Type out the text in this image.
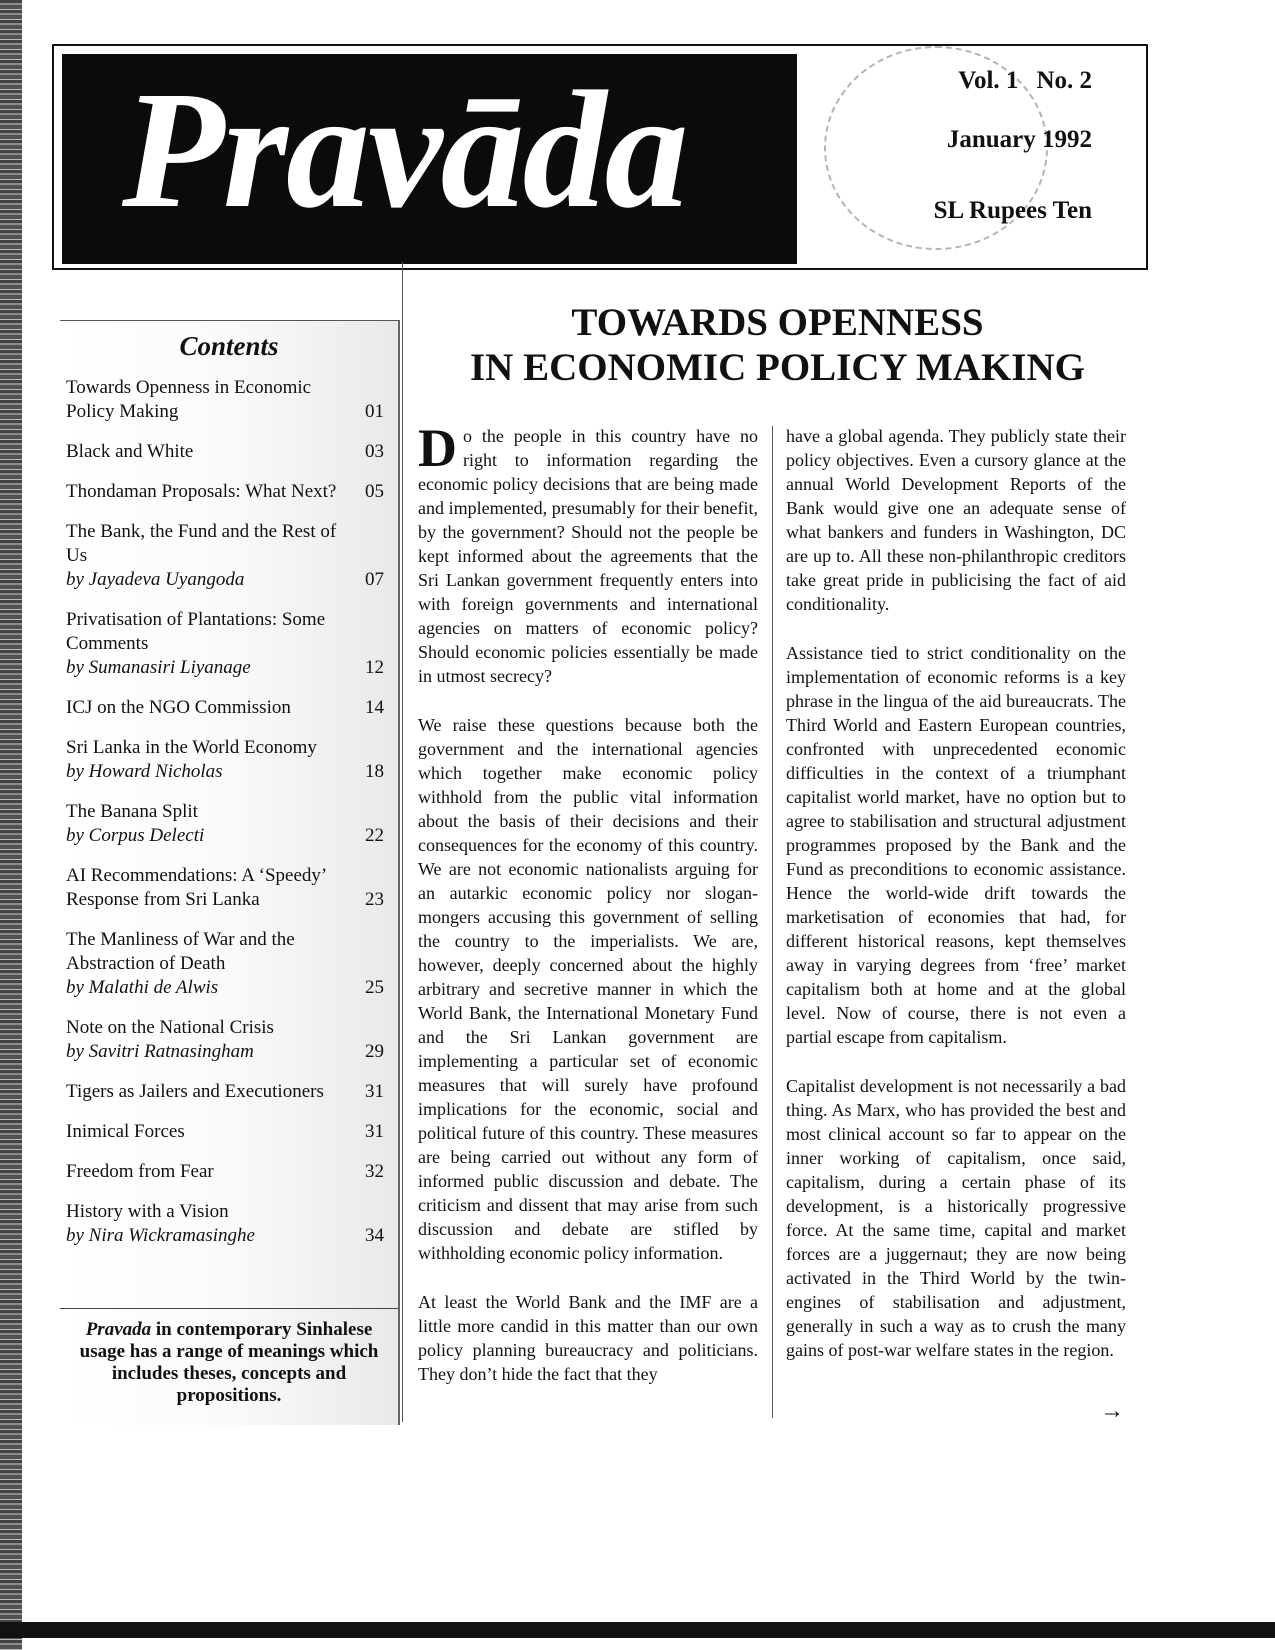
Pravāda	Vol. 1 No. 2
January 1992
SL Rupees Ten
Contents
Towards Openness in Economic Policy Making	01
Black and White	03
Thondaman Proposals: What Next?	05
The Bank, the Fund and the Rest of Us
by Jayadeva Uyangoda	07
Privatisation of Plantations: Some Comments
by Sumanasiri Liyanage	12
ICJ on the NGO Commission	14
Sri Lanka in the World Economy
by Howard Nicholas	18
The Banana Split
by Corpus Delecti	22
AI Recommendations: A ‘Speedy’ Response from Sri Lanka	23
The Manliness of War and the Abstraction of Death
by Malathi de Alwis	25
Note on the National Crisis
by Savitri Ratnasingham	29
Tigers as Jailers and Executioners	31
Inimical Forces	31
Freedom from Fear	32
History with a Vision
by Nira Wickramasinghe	34
Pravada in contemporary Sinhalese usage has a range of meanings which includes theses, concepts and propositions.
TOWARDS OPENNESS
IN ECONOMIC POLICY MAKING

Do the people in this country have no right to information regarding the economic policy decisions that are being made and implemented, presumably for their benefit, by the government? Should not the people be kept informed about the agreements that the Sri Lankan government frequently enters into with foreign governments and international agencies on matters of economic policy? Should economic policies essentially be made in utmost secrecy?

We raise these questions because both the government and the international agencies which together make economic policy withhold from the public vital information about the basis of their decisions and their consequences for the economy of this country. We are not economic nationalists arguing for an autarkic economic policy nor slogan-mongers accusing this government of selling the country to the imperialists. We are, however, deeply concerned about the highly arbitrary and secretive manner in which the World Bank, the International Monetary Fund and the Sri Lankan government are implementing a particular set of economic measures that will surely have profound implications for the economic, social and political future of this country. These measures are being carried out without any form of informed public discussion and debate. The criticism and dissent that may arise from such discussion and debate are stifled by withholding economic policy information.

At least the World Bank and the IMF are a little more candid in this matter than our own policy planning bureaucracy and politicians. They don’t hide the fact that they

have a global agenda. They publicly state their policy objectives. Even a cursory glance at the annual World Development Reports of the Bank would give one an adequate sense of what bankers and funders in Washington, DC are up to. All these non-philanthropic creditors take great pride in publicising the fact of aid conditionality.

Assistance tied to strict conditionality on the implementation of economic reforms is a key phrase in the lingua of the aid bureaucrats. The Third World and Eastern European countries, confronted with unprecedented economic difficulties in the context of a triumphant capitalist world market, have no option but to agree to stabilisation and structural adjustment programmes proposed by the Bank and the Fund as preconditions to economic assistance. Hence the world-wide drift towards the marketisation of economies that had, for different historical reasons, kept themselves away in varying degrees from ‘free’ market capitalism both at home and at the global level. Now of course, there is not even a partial escape from capitalism.

Capitalist development is not necessarily a bad thing. As Marx, who has provided the best and most clinical account so far to appear on the inner working of capitalism, once said, capitalism, during a certain phase of its development, is a historically progressive force. At the same time, capital and market forces are a juggernaut; they are now being activated in the Third World by the twin-engines of stabilisation and adjustment, generally in such a way as to crush the many gains of post-war welfare states in the region.

→
